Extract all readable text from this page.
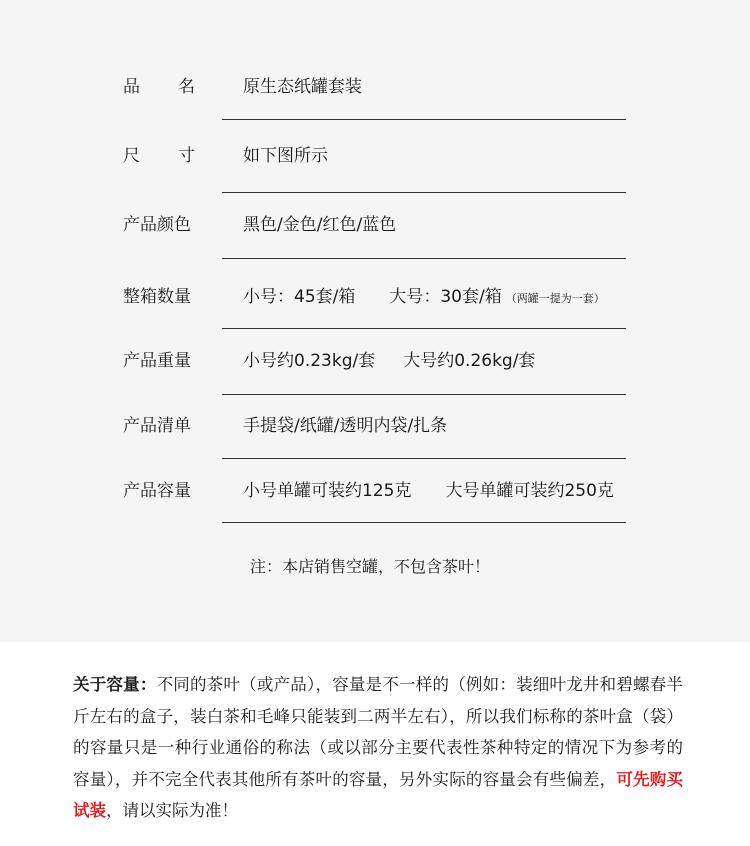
品 名	原生态纸罐套装
尺 寸	如下图所示
产品颜色	黑色/金色/红色/蓝色
整箱数量	小号：45套/箱 大号：30套/箱 （两罐一提为一套）
产品重量	小号约0.23kg/套 大号约0.26kg/套
产品清单	手提袋/纸罐/透明内袋/扎条
产品容量	小号单罐可装约125克 大号单罐可装约250克
注：本店销售空罐，不包含茶叶！
关于容量：不同的茶叶（或产品），容量是不一样的（例如：装细叶龙井和碧螺春半斤左右的盒子，装白茶和毛峰只能装到二两半左右），所以我们标称的茶叶盒（袋）的容量只是一种行业通俗的称法（或以部分主要代表性茶种特定的情况下为参考的容量），并不完全代表其他所有茶叶的容量，另外实际的容量会有些偏差，可先购买试装，请以实际为准！
